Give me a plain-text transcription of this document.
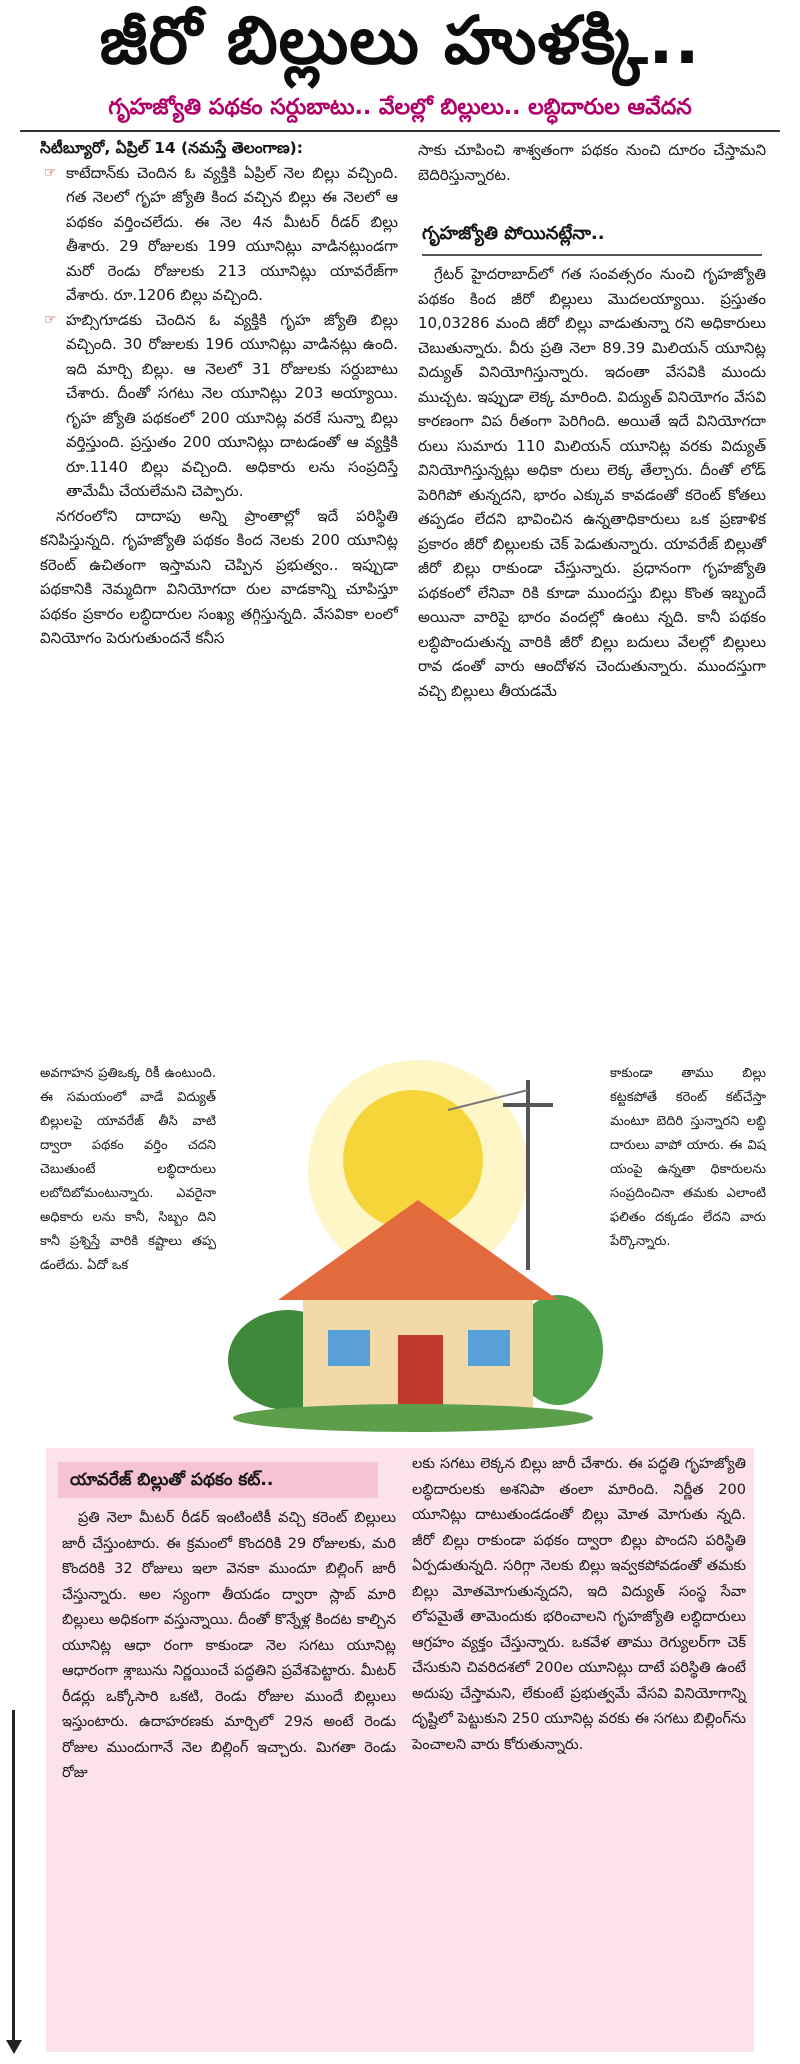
జీరో బిల్లులు హుళక్కి..
గృహజ్యోతి పథకం సర్దుబాటు.. వేలల్లో బిల్లులు.. లబ్ధిదారుల ఆవేదన

సిటీబ్యూరో, ఏప్రిల్ 14 (నమస్తే తెలంగాణ):

☞ కాటేదాన్‌కు చెందిన ఓ వ్యక్తికి ఏప్రిల్ నెల బిల్లు వచ్చింది. గత నెలలో గృహ జ్యోతి కింద వచ్చిన బిల్లు ఈ నెలలో ఆ పథకం వర్తించలేదు. ఈ నెల 4న మీటర్ రీడర్ బిల్లు తీశారు. 29 రోజులకు 199 యూనిట్లు వాడినట్లుండగా మరో రెండు రోజులకు 213 యూనిట్లు యావరేజ్‌గా వేశారు. రూ.1206 బిల్లు వచ్చింది.

☞ హబ్సిగూడకు చెందిన ఓ వ్యక్తికి గృహ జ్యోతి బిల్లు వచ్చింది. 30 రోజులకు 196 యూనిట్లు వాడినట్లు ఉంది. ఇది మార్చి బిల్లు. ఆ నెలలో 31 రోజులకు సర్దుబాటు చేశారు. దీంతో సగటు నెల యూనిట్లు 203 అయ్యాయి. గృహ జ్యోతి పథకంలో 200 యూనిట్ల వరకే సున్నా బిల్లు వర్తిస్తుంది. ప్రస్తుతం 200 యూనిట్లు దాటడంతో ఆ వ్యక్తికి రూ.1140 బిల్లు వచ్చింది. అధికారు లను సంప్రదిస్తే తామేమీ చేయలేమని చెప్పారు.

నగరంలోని దాదాపు అన్ని ప్రాంతాల్లో ఇదే పరిస్థితి కనిపిస్తున్నది. గృహజ్యోతి పథకం కింద నెలకు 200 యూనిట్ల కరెంట్ ఉచితంగా ఇస్తామని చెప్పిన ప్రభుత్వం.. ఇప్పుడా పథకానికి నెమ్మదిగా వినియోగదా రుల వాడకాన్ని చూపిస్తూ పథకం ప్రకారం లబ్ధిదారుల సంఖ్య తగ్గిస్తున్నది. వేసవికా లంలో వినియోగం పెరుగుతుందనే కనీస

అవగాహన ప్రతిఒక్క రికీ ఉంటుంది. ఈ సమయంలో వాడే విద్యుత్ బిల్లులపై యావరేజ్ తీసి వాటి ద్వారా పథకం వర్తిం చదని చెబుతుంటే లబ్ధిదారులు లబోదిబోమంటున్నారు. ఎవరైనా అధికారు లను కానీ, సిబ్బం దిని కానీ ప్రశ్నిస్తే వారికి కష్టాలు తప్ప డంలేదు. ఏదో ఒక

సాకు చూపించి శాశ్వతంగా పథకం నుంచి దూరం చేస్తామని బెదిరిస్తున్నారట.

గృహజ్యోతి పోయినట్లేనా..

గ్రేటర్ హైదరాబాద్‌లో గత సంవత్సరం నుంచి గృహజ్యోతి పథకం కింద జీరో బిల్లులు మొదలయ్యాయి. ప్రస్తుతం 10,03286 మంది జీరో బిల్లు వాడుతున్నా రని అధికారులు చెబుతున్నారు. వీరు ప్రతి నెలా 89.39 మిలియన్ యూనిట్ల విద్యుత్ వినియోగిస్తున్నారు. ఇదంతా వేసవికి ముందు ముచ్చట. ఇప్పుడా లెక్క మారింది. విద్యుత్ వినియోగం వేసవి కారణంగా విప రీతంగా పెరిగింది. అయితే ఇదే వినియోగదా రులు సుమారు 110 మిలియన్ యూనిట్ల వరకు విద్యుత్ వినియోగిస్తున్నట్లు అధికా రులు లెక్క తేల్చారు. దీంతో లోడ్ పెరిగిపో తున్నదని, భారం ఎక్కువ కావడంతో కరెంట్ కోతలు తప్పడం లేదని భావించిన ఉన్నతాధికారులు ఒక ప్రణాళిక ప్రకారం జీరో బిల్లులకు చెక్ పెడుతున్నారు. యావరేజ్ బిల్లుతో జీరో బిల్లు రాకుండా చేస్తున్నారు. ప్రధానంగా గృహజ్యోతి పథకంలో లేనివా రికి కూడా ముందస్తు బిల్లు కొంత ఇబ్బందే అయినా వారిపై భారం వందల్లో ఉంటు న్నది. కానీ పథకం లబ్ధిపొందుతున్న వారికి జీరో బిల్లు బదులు వేలల్లో బిల్లులు రావ డంతో వారు ఆందోళన చెందుతున్నారు. ముందస్తుగా వచ్చి బిల్లులు తీయడమే

కాకుండా తాము బిల్లు కట్టకపోతే కరెంట్ కట్‌చేస్తా మంటూ బెదిరి స్తున్నారని లబ్ధి దారులు వాపో యారు. ఈ విష యంపై ఉన్నతా ధికారులను సంప్రదించినా తమకు ఎలాంటి ఫలితం దక్కడం లేదని వారు పేర్కొన్నారు.

యావరేజ్ బిల్లుతో పథకం కట్..

ప్రతి నెలా మీటర్ రీడర్ ఇంటింటికీ వచ్చి కరెంట్ బిల్లులు జారీ చేస్తుంటారు. ఈ క్రమంలో కొందరికి 29 రోజులకు, మరి కొందరికి 32 రోజులు ఇలా వెనకా ముందూ బిల్లింగ్ జారీ చేస్తున్నారు. అల స్యంగా తీయడం ద్వారా స్లాబ్ మారి బిల్లులు అధికంగా వస్తున్నాయి. దీంతో కొన్నేళ్ల కిందట కాల్చిన యూనిట్ల ఆధా రంగా కాకుండా నెల సగటు యూనిట్ల ఆధారంగా శ్లాబును నిర్ణయించే పద్ధతిని ప్రవేశపెట్టారు. మీటర్ రీడర్లు ఒక్కోసారి ఒకటి, రెండు రోజుల ముందే బిల్లులు ఇస్తుంటారు. ఉదాహరణకు మార్చిలో 29న అంటే రెండు రోజుల ముందుగానే నెల బిల్లింగ్ ఇచ్చారు. మిగతా రెండు రోజు

లకు సగటు లెక్కన బిల్లు జారీ చేశారు. ఈ పద్ధతి గృహజ్యోతి లబ్ధిదారులకు అశనిపా తంలా మారింది. నిర్ణీత 200 యూనిట్లు దాటుతుండడంతో బిల్లు మోత మోగుతు న్నది. జీరో బిల్లు రాకుండా పథకం ద్వారా బిల్లు పొందని పరిస్థితి ఏర్పడుతున్నది. సరిగ్గా నెలకు బిల్లు ఇవ్వకపోవడంతో తమకు బిల్లు మోతమోగుతున్నదని, ఇది విద్యుత్ సంస్థ సేవా లోపమైతే తామెందుకు భరించాలని గృహజ్యోతి లబ్ధిదారులు ఆగ్రహం వ్యక్తం చేస్తున్నారు. ఒకవేళ తాము రెగ్యులర్‌గా చెక్ చేసుకుని చివరిదశలో 200ల యూనిట్లు దాటే పరిస్థితి ఉంటే అదుపు చేస్తామని, లేకుంటే ప్రభుత్వమే వేసవి వినియోగాన్ని దృష్టిలో పెట్టుకుని 250 యూనిట్ల వరకు ఈ సగటు బిల్లింగ్‌ను పెంచాలని వారు కోరుతున్నారు.
